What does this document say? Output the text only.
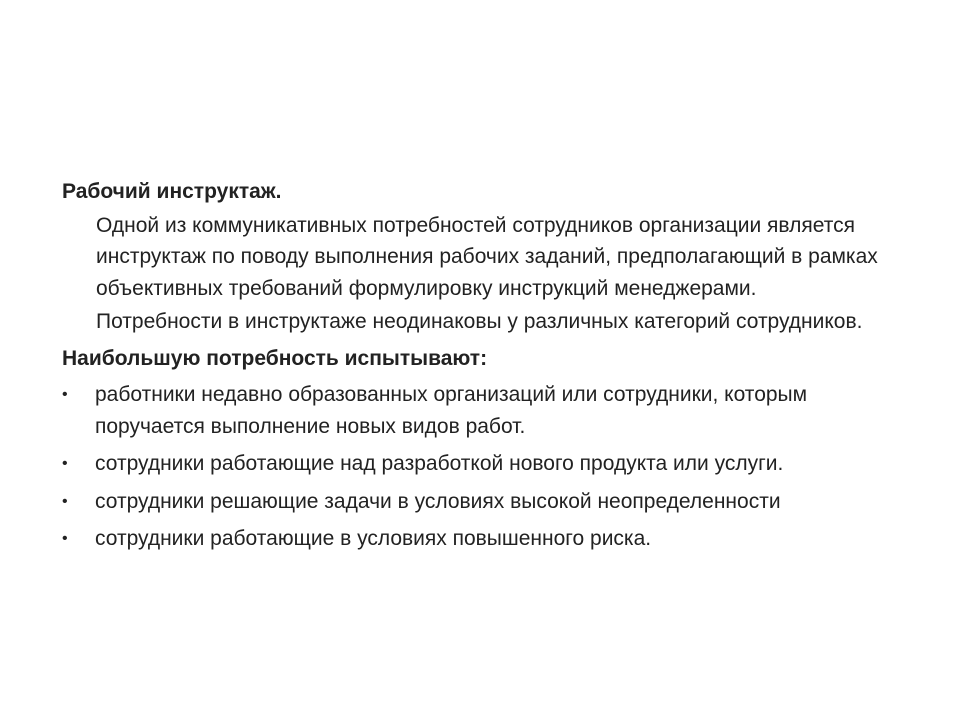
Рабочий инструктаж.
Одной из коммуникативных потребностей сотрудников организации является инструктаж по поводу выполнения рабочих заданий, предполагающий в рамках объективных требований формулировку инструкций менеджерами.
Потребности в инструктаже неодинаковы у различных категорий сотрудников.
Наибольшую потребность испытывают:
•	работники недавно образованных организаций или сотрудники, которым поручается выполнение новых видов работ.
•	сотрудники работающие над разработкой нового продукта или услуги.
•	сотрудники решающие задачи в условиях высокой неопределенности
•	сотрудники работающие в условиях повышенного риска.
